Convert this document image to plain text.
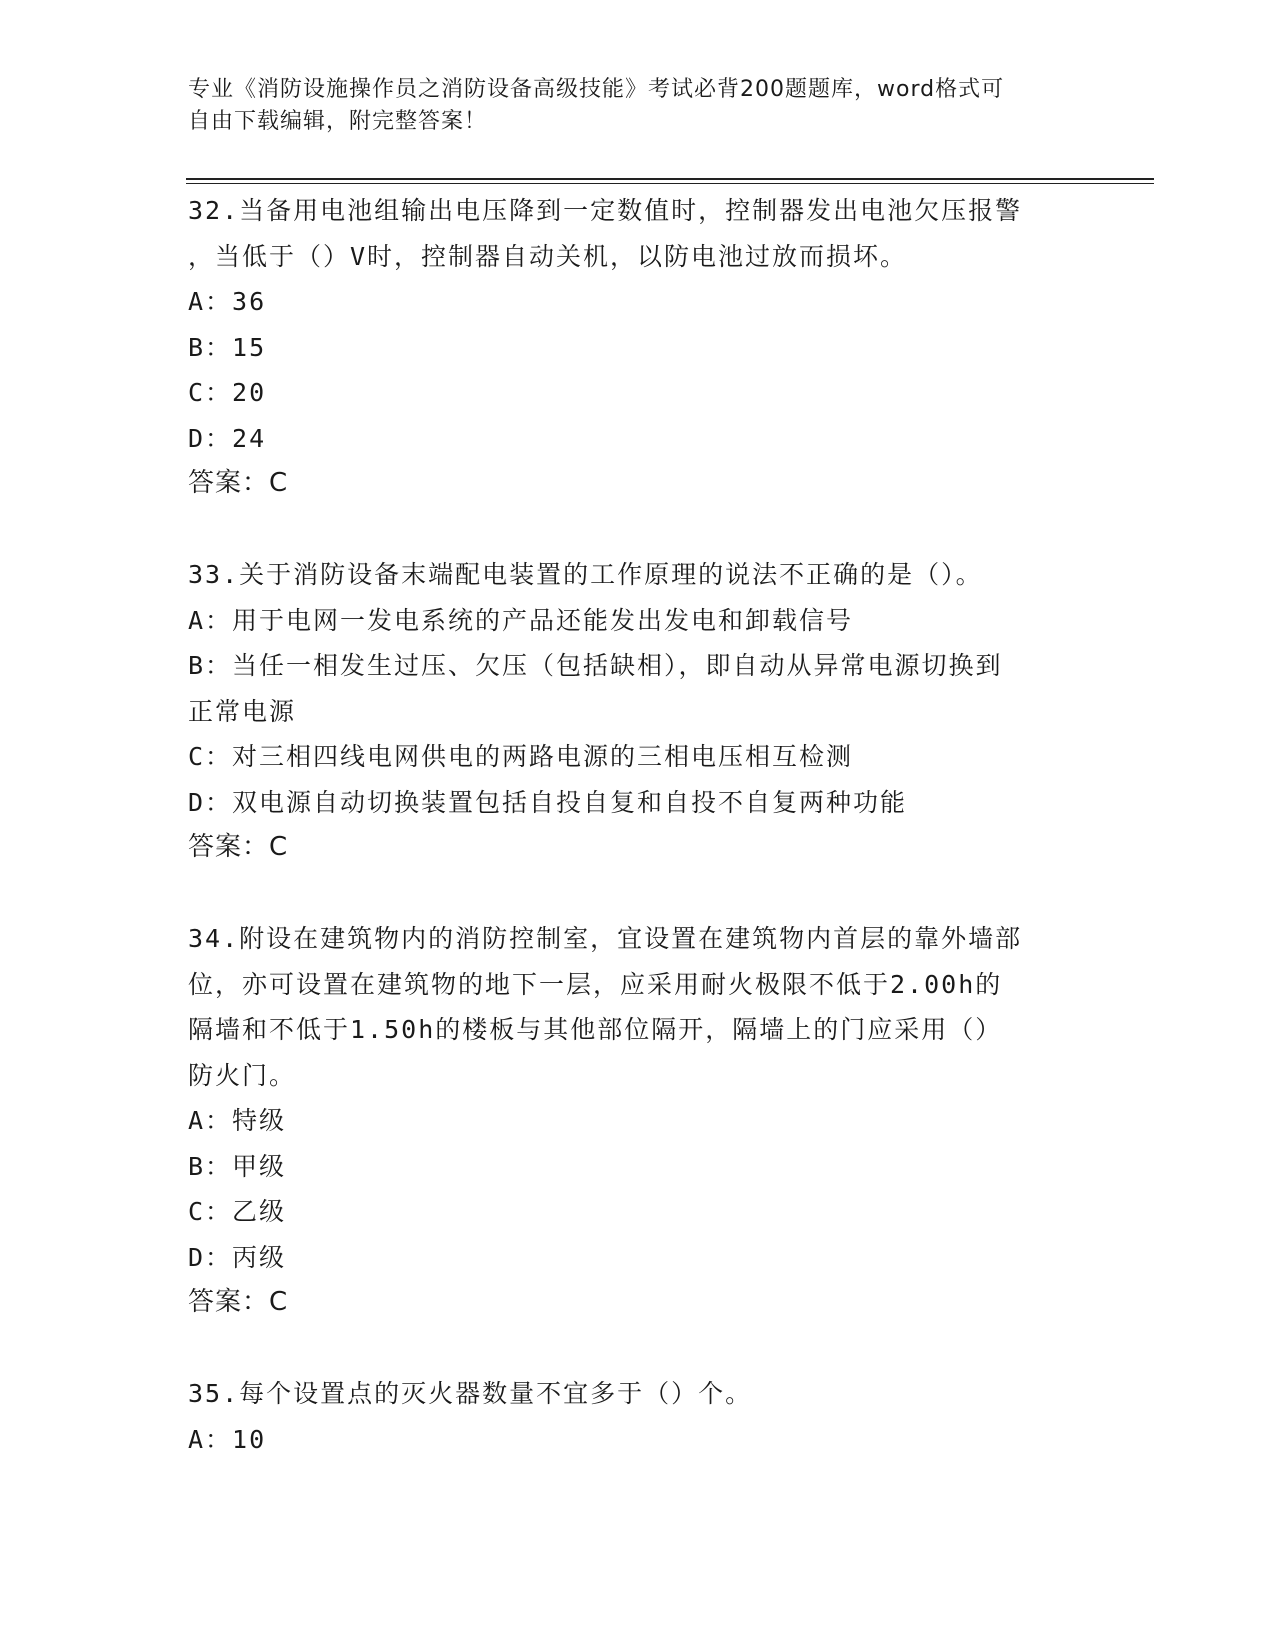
专业《消防设施操作员之消防设备高级技能》考试必背200题题库，word格式可
自由下载编辑，附完整答案！
32.当备用电池组输出电压降到一定数值时，控制器发出电池欠压报警
，当低于（）V时，控制器自动关机，以防电池过放而损坏。
A：36
B：15
C：20
D：24
答案：C
33.关于消防设备末端配电装置的工作原理的说法不正确的是（）。
A：用于电网一发电系统的产品还能发出发电和卸载信号
B：当任一相发生过压、欠压（包括缺相），即自动从异常电源切换到
正常电源
C：对三相四线电网供电的两路电源的三相电压相互检测
D：双电源自动切换装置包括自投自复和自投不自复两种功能
答案：C
34.附设在建筑物内的消防控制室，宜设置在建筑物内首层的靠外墙部
位，亦可设置在建筑物的地下一层，应采用耐火极限不低于2.00h的
隔墙和不低于1.50h的楼板与其他部位隔开，隔墙上的门应采用（）
防火门。
A：特级
B：甲级
C：乙级
D：丙级
答案：C
35.每个设置点的灭火器数量不宜多于（）个。
A：10
